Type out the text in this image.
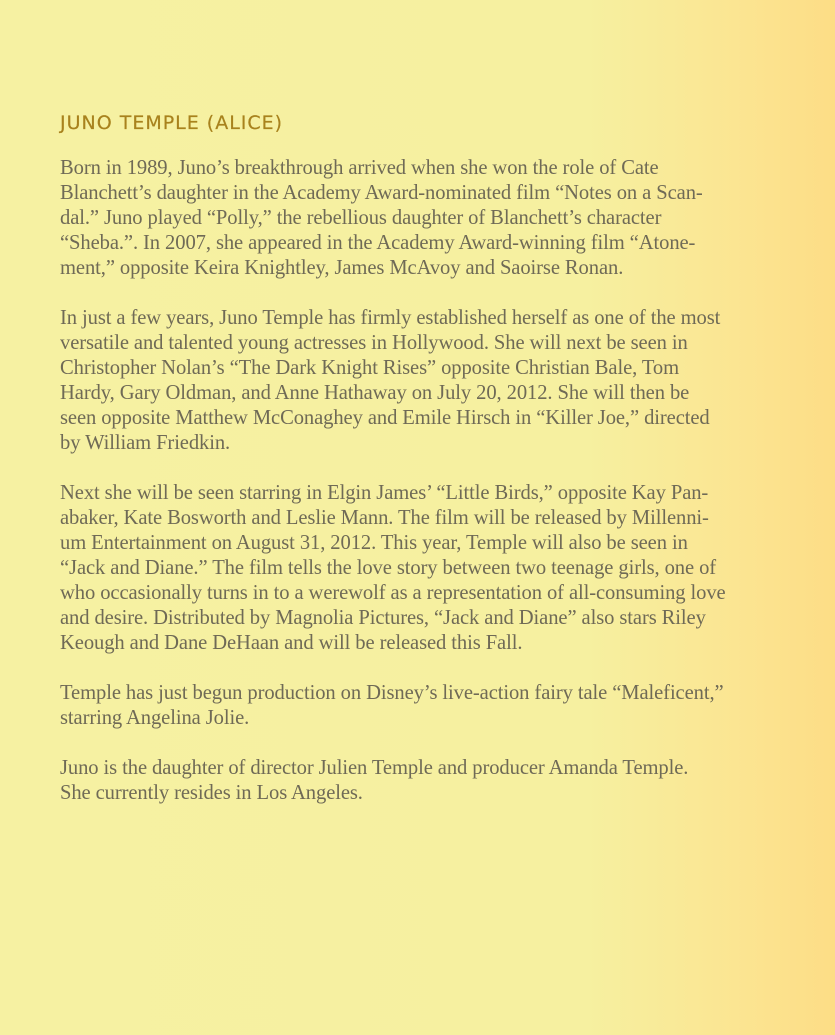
JUNO TEMPLE (ALICE)
Born in 1989, Juno’s breakthrough arrived when she won the role of Cate
Blanchett’s daughter in the Academy Award-nominated film “Notes on a Scan-
dal.” Juno played “Polly,” the rebellious daughter of Blanchett’s character
“Sheba.”. In 2007, she appeared in the Academy Award-winning film “Atone-
ment,” opposite Keira Knightley, James McAvoy and Saoirse Ronan.
In just a few years, Juno Temple has firmly established herself as one of the most
versatile and talented young actresses in Hollywood. She will next be seen in
Christopher Nolan’s “The Dark Knight Rises” opposite Christian Bale, Tom
Hardy, Gary Oldman, and Anne Hathaway on July 20, 2012. She will then be
seen opposite Matthew McConaghey and Emile Hirsch in “Killer Joe,” directed
by William Friedkin.
Next she will be seen starring in Elgin James’ “Little Birds,” opposite Kay Pan-
abaker, Kate Bosworth and Leslie Mann. The film will be released by Millenni-
um Entertainment on August 31, 2012. This year, Temple will also be seen in
“Jack and Diane.” The film tells the love story between two teenage girls, one of
who occasionally turns in to a werewolf as a representation of all-consuming love
and desire. Distributed by Magnolia Pictures, “Jack and Diane” also stars Riley
Keough and Dane DeHaan and will be released this Fall.
Temple has just begun production on Disney’s live-action fairy tale “Maleficent,”
starring Angelina Jolie.
Juno is the daughter of director Julien Temple and producer Amanda Temple.
She currently resides in Los Angeles.
